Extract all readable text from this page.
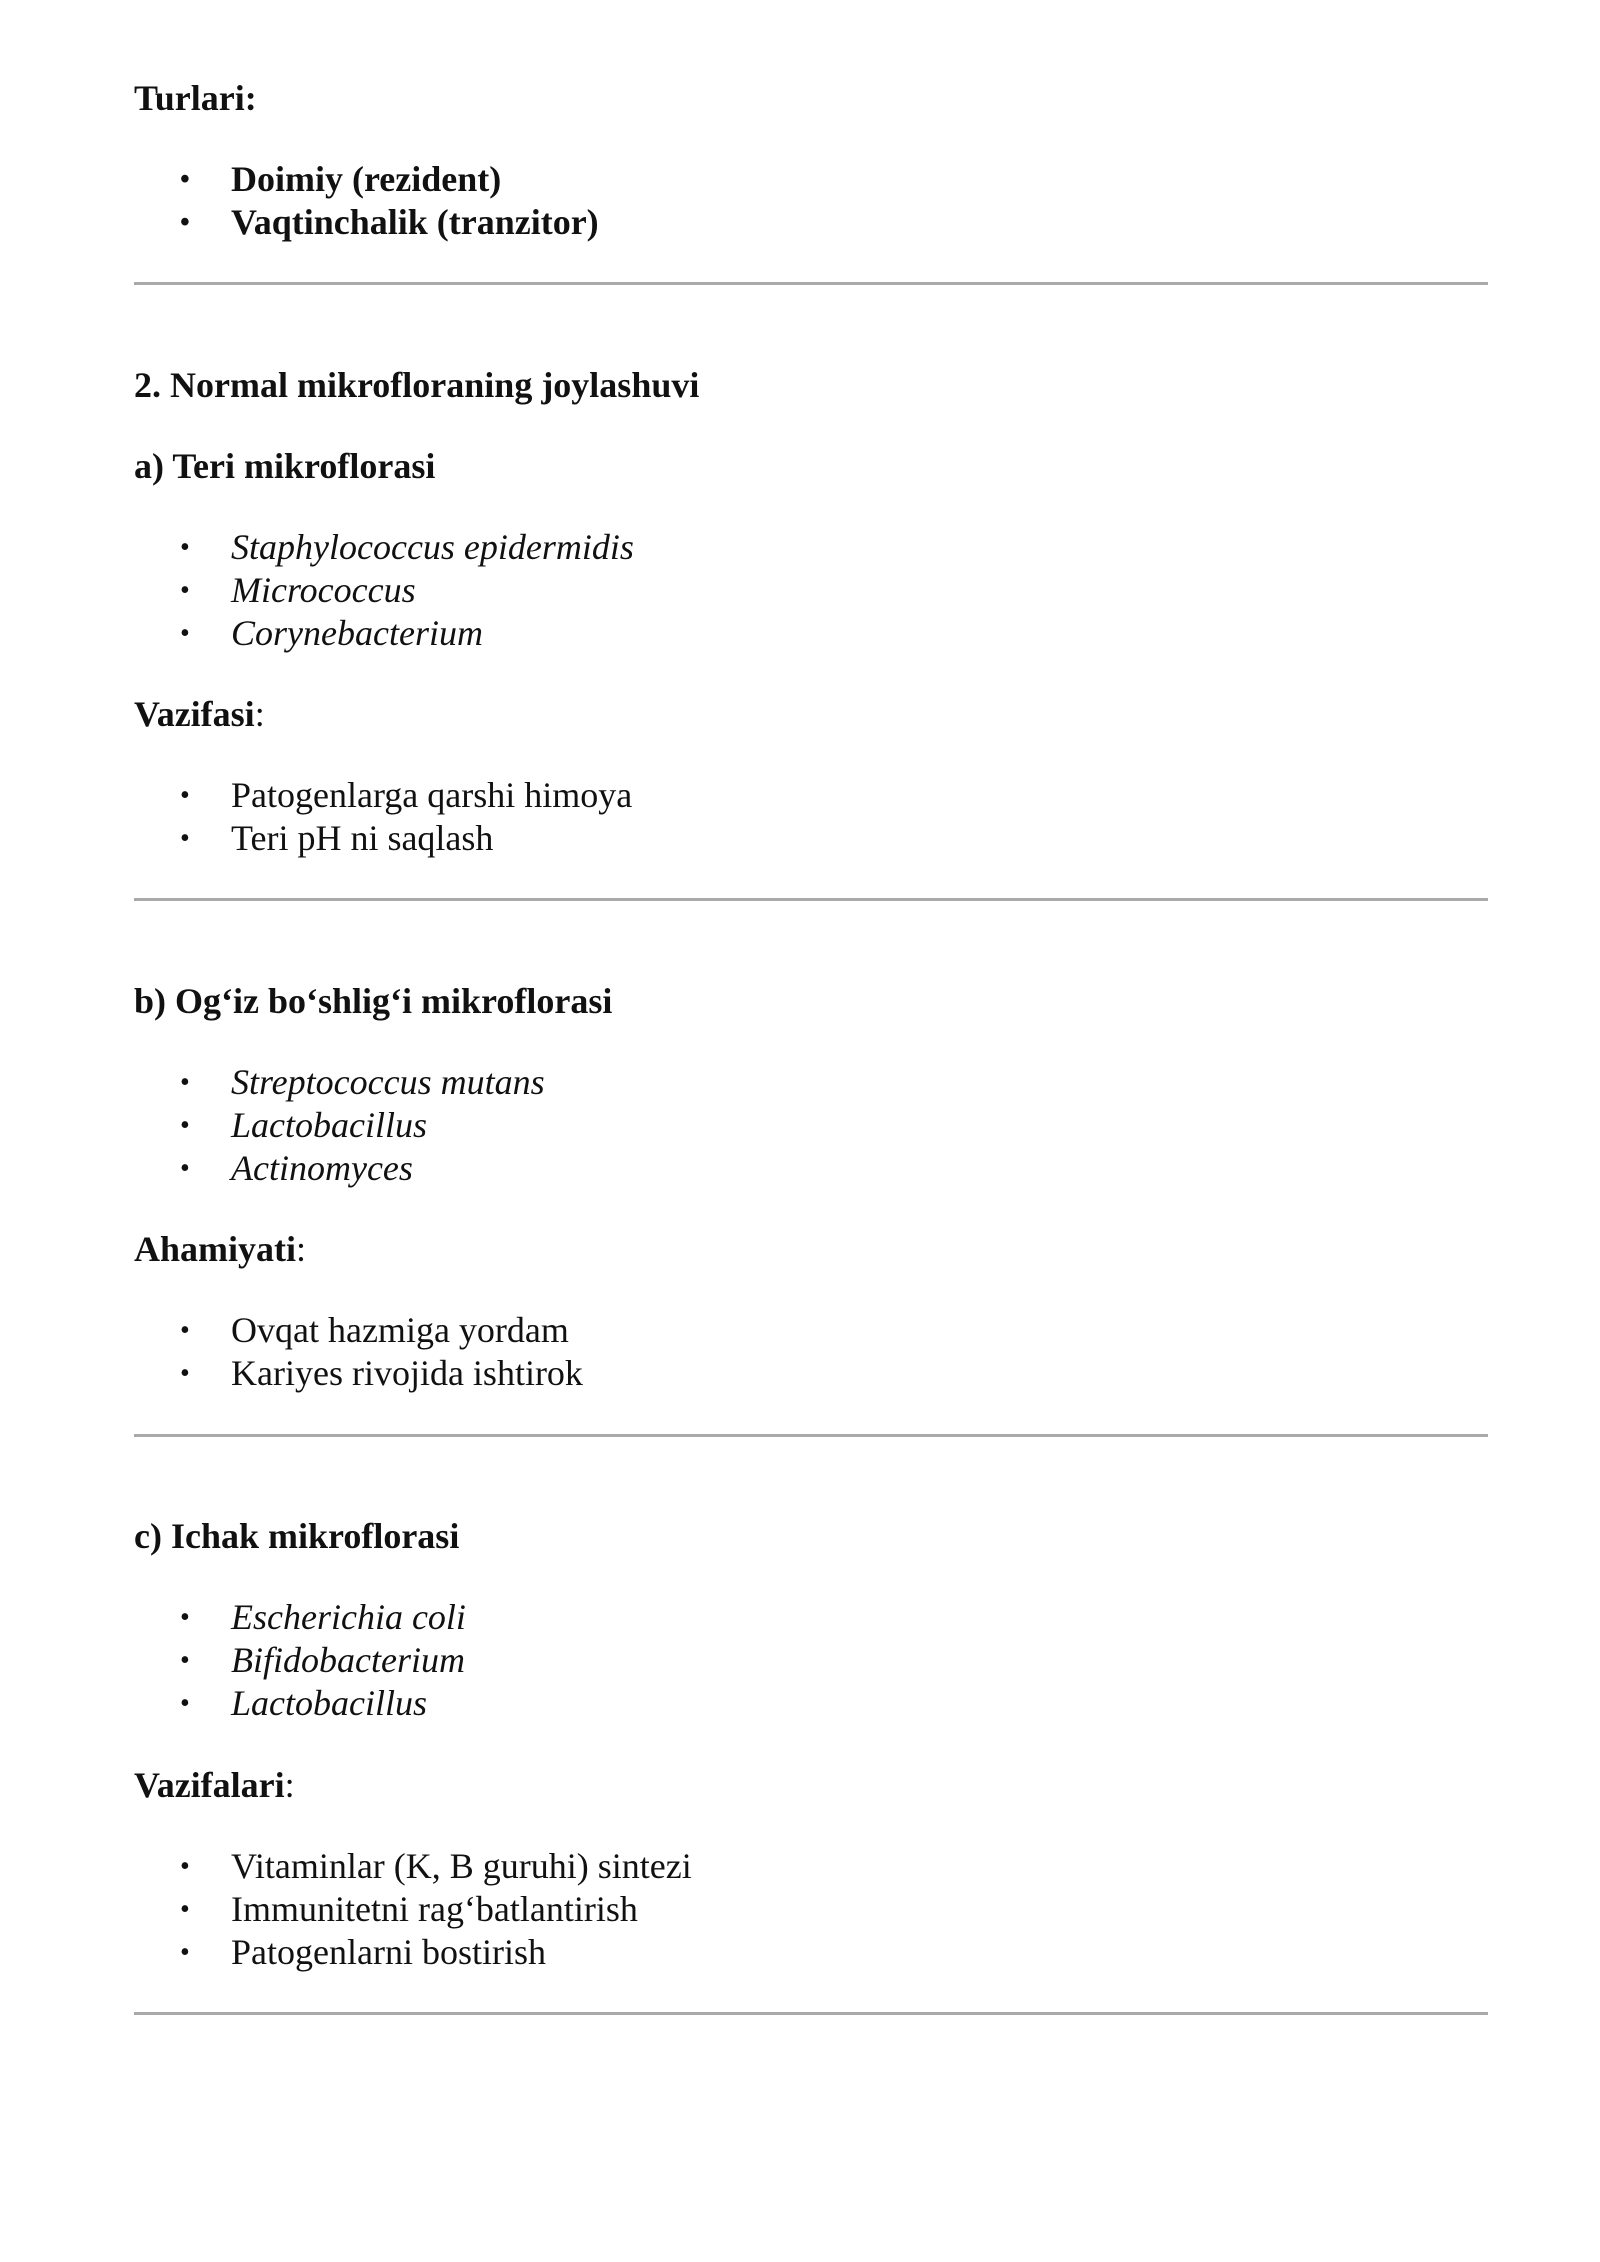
Turlari:

• Doimiy (rezident)
• Vaqtinchalik (tranzitor)

2. Normal mikrofloraning joylashuvi

a) Teri mikroflorasi

• Staphylococcus epidermidis
• Micrococcus
• Corynebacterium

Vazifasi:

• Patogenlarga qarshi himoya
• Teri pH ni saqlash

b) Og‘iz bo‘shlig‘i mikroflorasi

• Streptococcus mutans
• Lactobacillus
• Actinomyces

Ahamiyati:

• Ovqat hazmiga yordam
• Kariyes rivojida ishtirok

c) Ichak mikroflorasi

• Escherichia coli
• Bifidobacterium
• Lactobacillus

Vazifalari:

• Vitaminlar (K, B guruhi) sintezi
• Immunitetni rag‘batlantirish
• Patogenlarni bostirish
